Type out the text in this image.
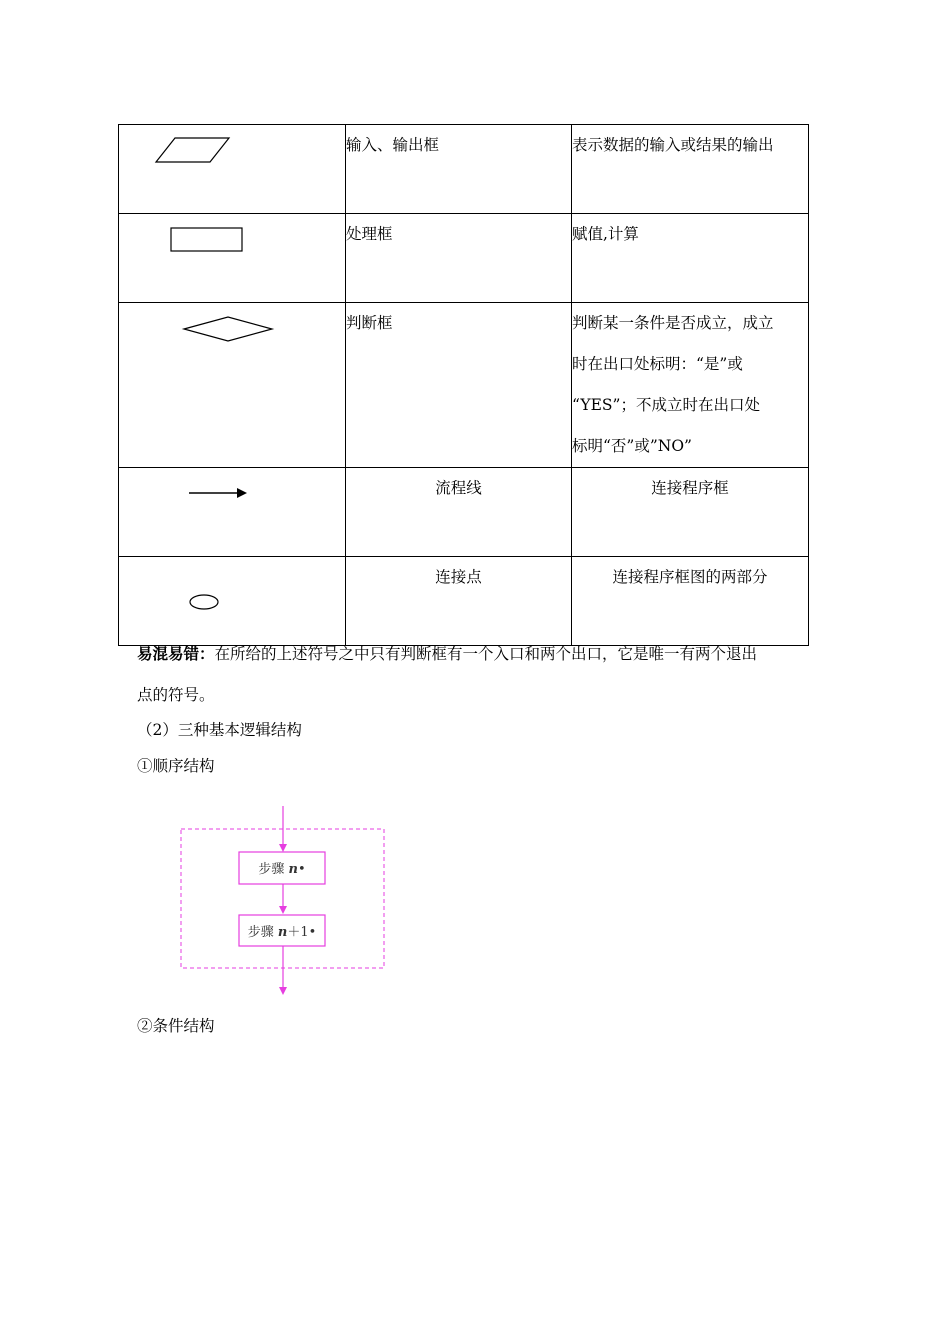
	输入、输出框	表示数据的输入或结果的输出

	处理框	赋值,计算

	判断框	判断某一条件是否成立，成立
时在出口处标明：“是”或
“YES”；不成立时在出口处
标明“否”或”NO”

	流程线	连接程序框

	连接点	连接程序框图的两部分
易混易错：在所给的上述符号之中只有判断框有一个入口和两个出口，它是唯一有两个退出
点的符号。
（2）三种基本逻辑结构
①顺序结构
步骤 n•
步骤 n＋1•
②条件结构
